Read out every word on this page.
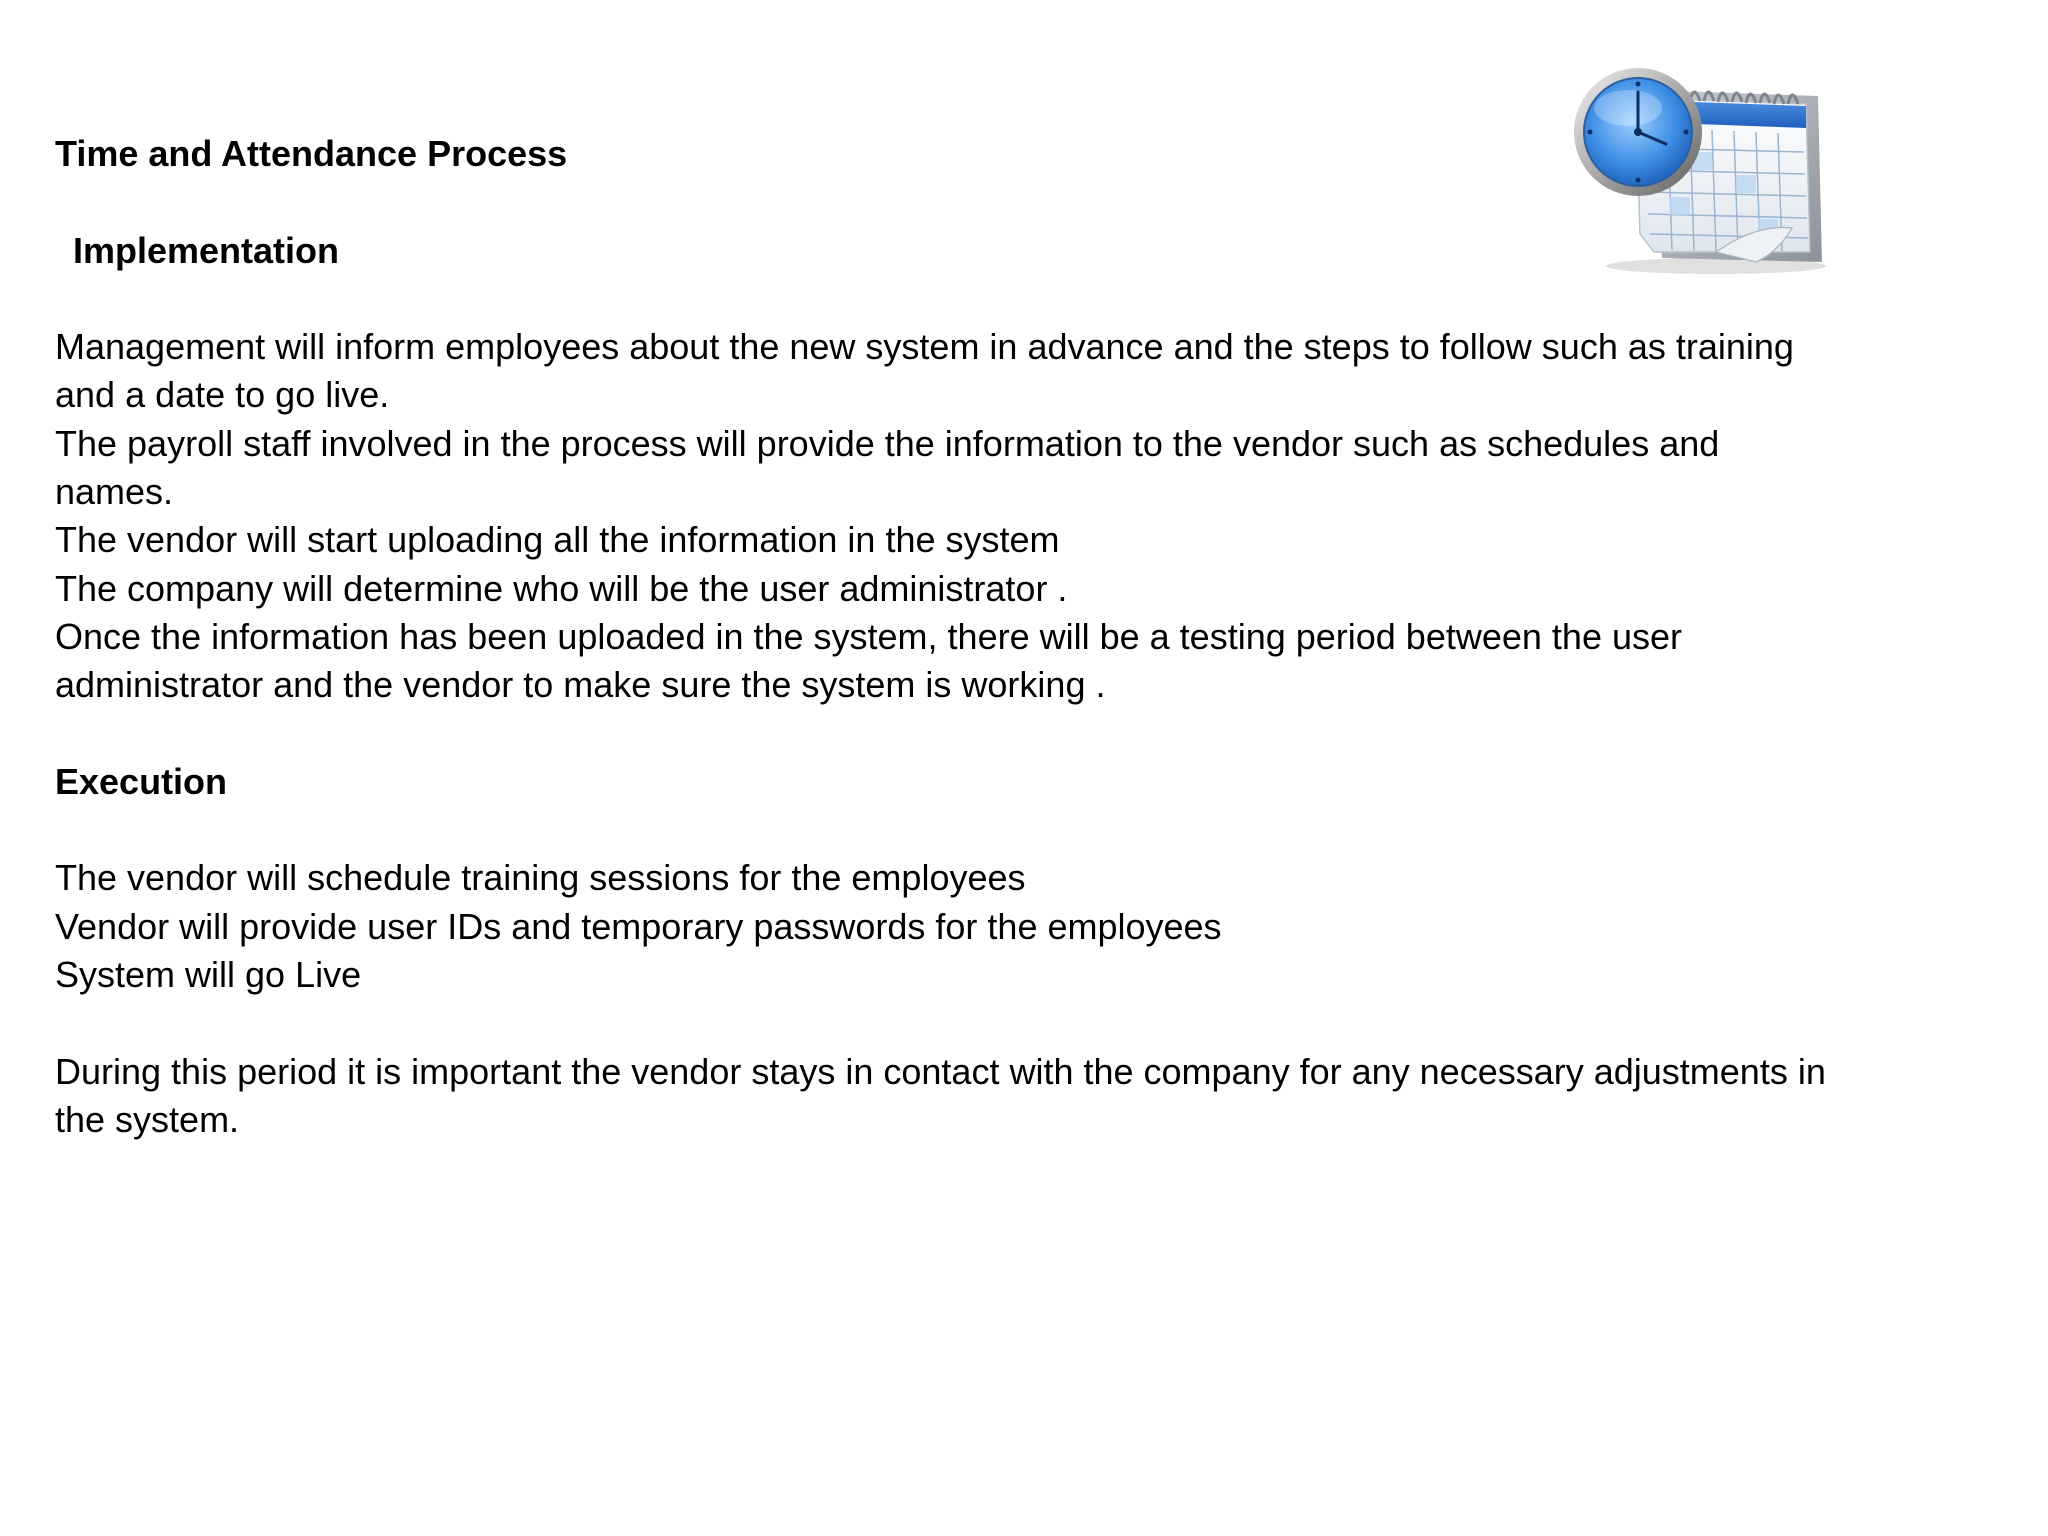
Time and Attendance Process

Implementation

Management will inform employees about the new system in advance and the steps to follow such as training

and a date to go live.

The payroll staff involved in the process will provide the information to the vendor such as schedules and

names.

The vendor will start uploading all the information in the system

The company will determine who will be the user administrator .

Once the information has been uploaded in the system, there will be a testing period between the user

administrator and the vendor to make sure the system is working .

Execution

The vendor will schedule training sessions for the employees

Vendor will provide user IDs and temporary passwords for the employees

System will go Live

During this period it is important the vendor stays in contact with the company for any necessary adjustments in

the system.
